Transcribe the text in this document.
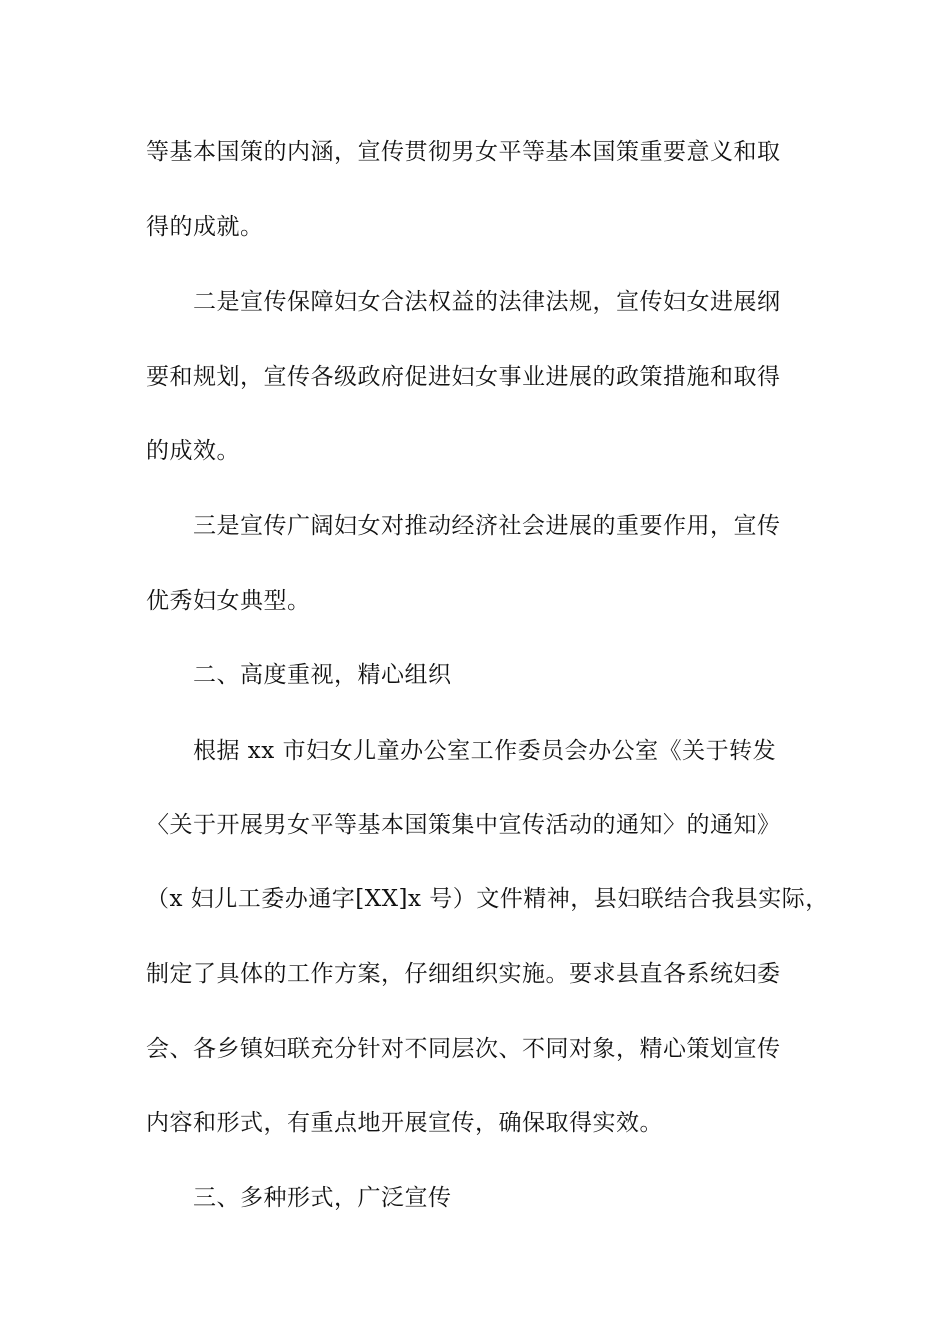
等基本国策的内涵，宣传贯彻男女平等基本国策重要意义和取
得的成就。
二是宣传保障妇女合法权益的法律法规，宣传妇女进展纲
要和规划，宣传各级政府促进妇女事业进展的政策措施和取得
的成效。
三是宣传广阔妇女对推动经济社会进展的重要作用，宣传
优秀妇女典型。
二、高度重视，精心组织
根据 xx 市妇女儿童办公室工作委员会办公室《关于转发
〈关于开展男女平等基本国策集中宣传活动的通知〉的通知》
（x 妇儿工委办通字[XX]x 号）文件精神，县妇联结合我县实际，
制定了具体的工作方案，仔细组织实施。要求县直各系统妇委
会、各乡镇妇联充分针对不同层次、不同对象，精心策划宣传
内容和形式，有重点地开展宣传，确保取得实效。
三、多种形式，广泛宣传
